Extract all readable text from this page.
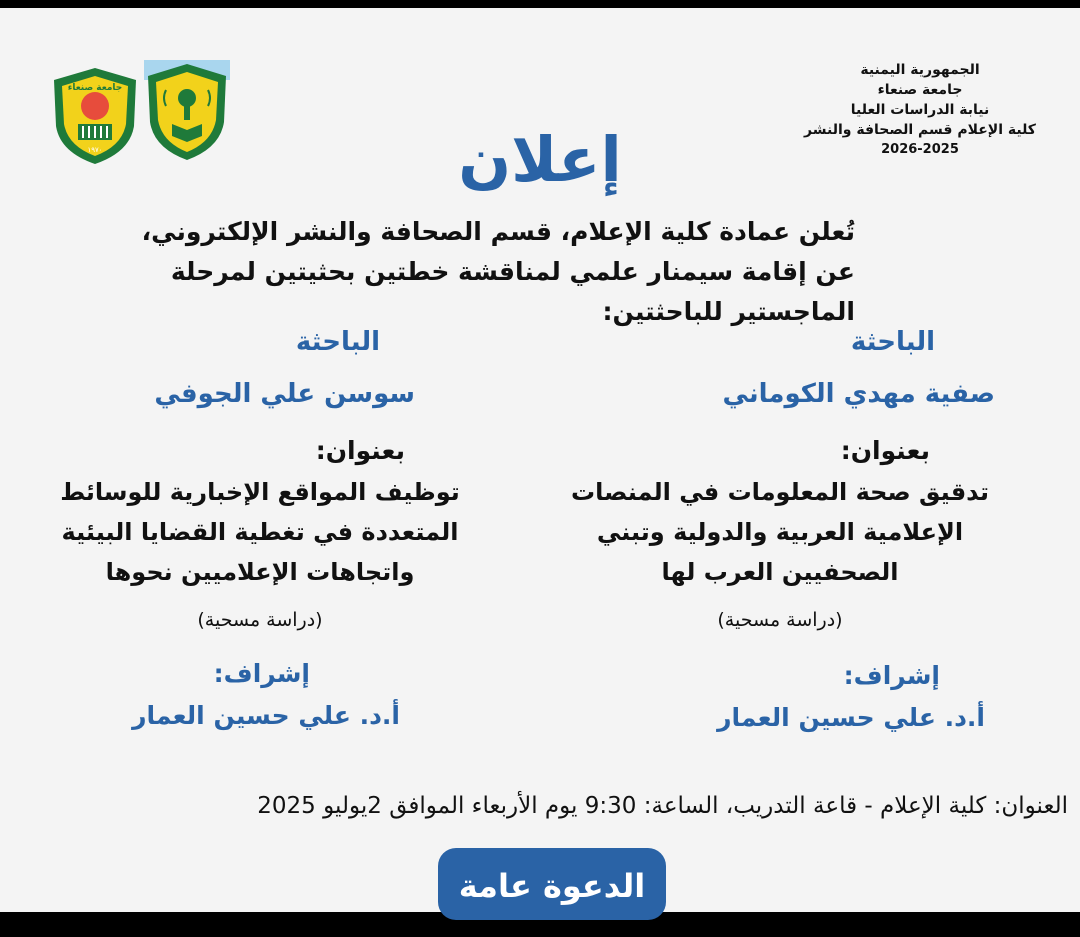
جامعة صنعاء
١٩٧٠
الجمهورية اليمنية
جامعة صنعاء
نيابة الدراسات العليا
كلية الإعلام قسم الصحافة والنشر
2026-2025
إعلان
تُعلن عمادة كلية الإعلام، قسم الصحافة والنشر الإلكتروني، عن إقامة سيمنار علمي لمناقشة خطتين بحثيتين لمرحلة الماجستير للباحثتين:
الباحثة
صفية مهدي الكوماني
بعنوان:
تدقيق صحة المعلومات في المنصات
الإعلامية العربية والدولية وتبني
الصحفيين العرب لها
(دراسة مسحية)
إشراف:
أ.د. علي حسين العمار
الباحثة
سوسن علي الجوفي
بعنوان:
توظيف المواقع الإخبارية للوسائط
المتعددة في تغطية القضايا البيئية
واتجاهات الإعلاميين نحوها
(دراسة مسحية)
إشراف:
أ.د. علي حسين العمار
العنوان: كلية الإعلام - قاعة التدريب، الساعة: 9:30 يوم الأربعاء الموافق 2يوليو 2025
الدعوة عامة
